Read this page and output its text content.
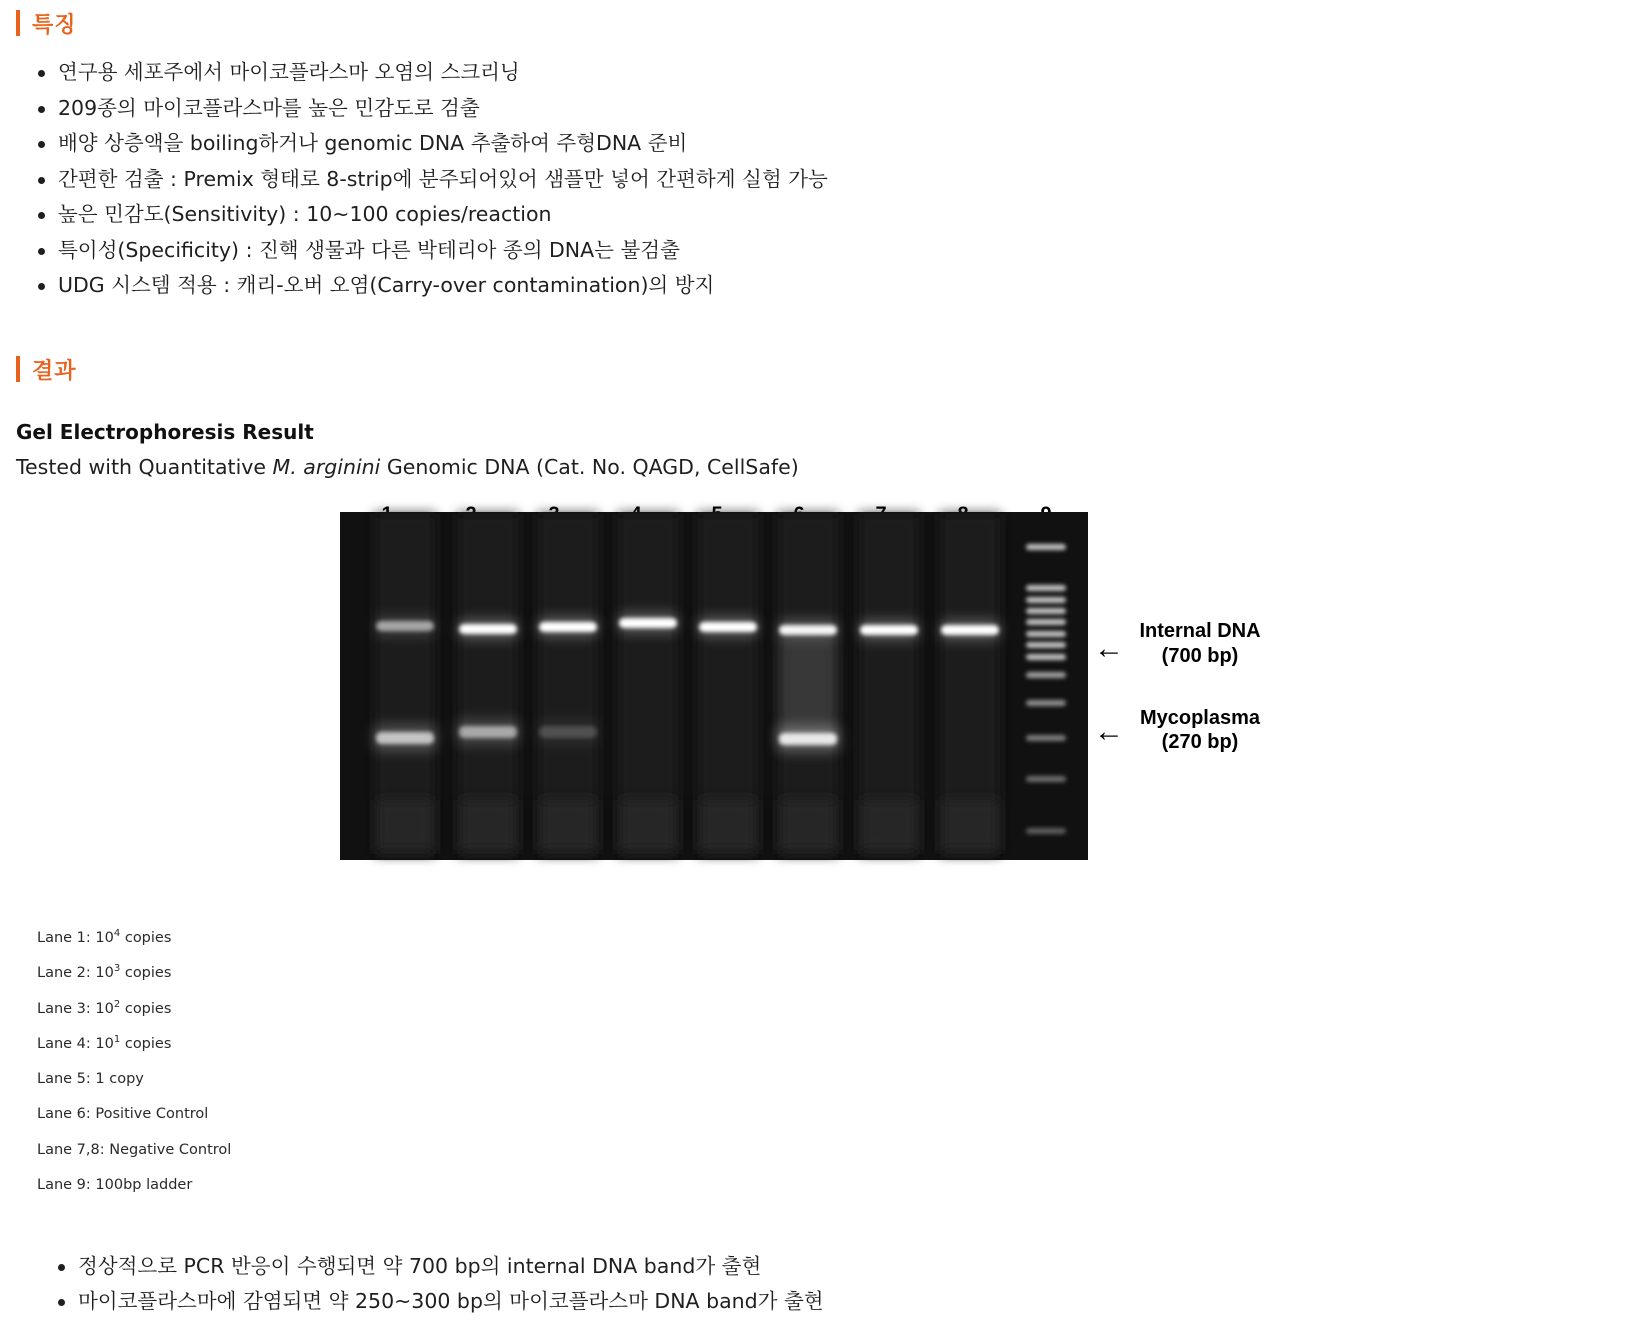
특징
연구용 세포주에서 마이코플라스마 오염의 스크리닝
209종의 마이코플라스마를 높은 민감도로 검출
배양 상층액을 boiling하거나 genomic DNA 추출하여 주형DNA 준비
간편한 검출 : Premix 형태로 8-strip에 분주되어있어 샘플만 넣어 간편하게 실험 가능
높은 민감도(Sensitivity) : 10~100 copies/reaction
특이성(Specificity) : 진핵 생물과 다른 박테리아 종의 DNA는 불검출
UDG 시스템 적용 : 캐리-오버 오염(Carry-over contamination)의 방지
결과
Gel Electrophoresis Result
Tested with Quantitative M. arginini Genomic DNA (Cat. No. QAGD, CellSafe)
←
Internal DNA
(700 bp)
← Mycoplasma
(270 bp)
Lane 1: $10^4$ copies
Lane 2: $10^3$ copies
Lane 3: $10^2$ copies
Lane 4: $10^1$ copies
Lane 5: 1 copy
Lane 6: Positive Control
Lane 7,8: Negative Control
Lane 9: 100bp ladder
정상적으로 PCR 반응이 수행되면 약 700 bp의 internal DNA band가 출현
마이코플라스마에 감염되면 약 250~300 bp의 마이코플라스마 DNA band가 출현
